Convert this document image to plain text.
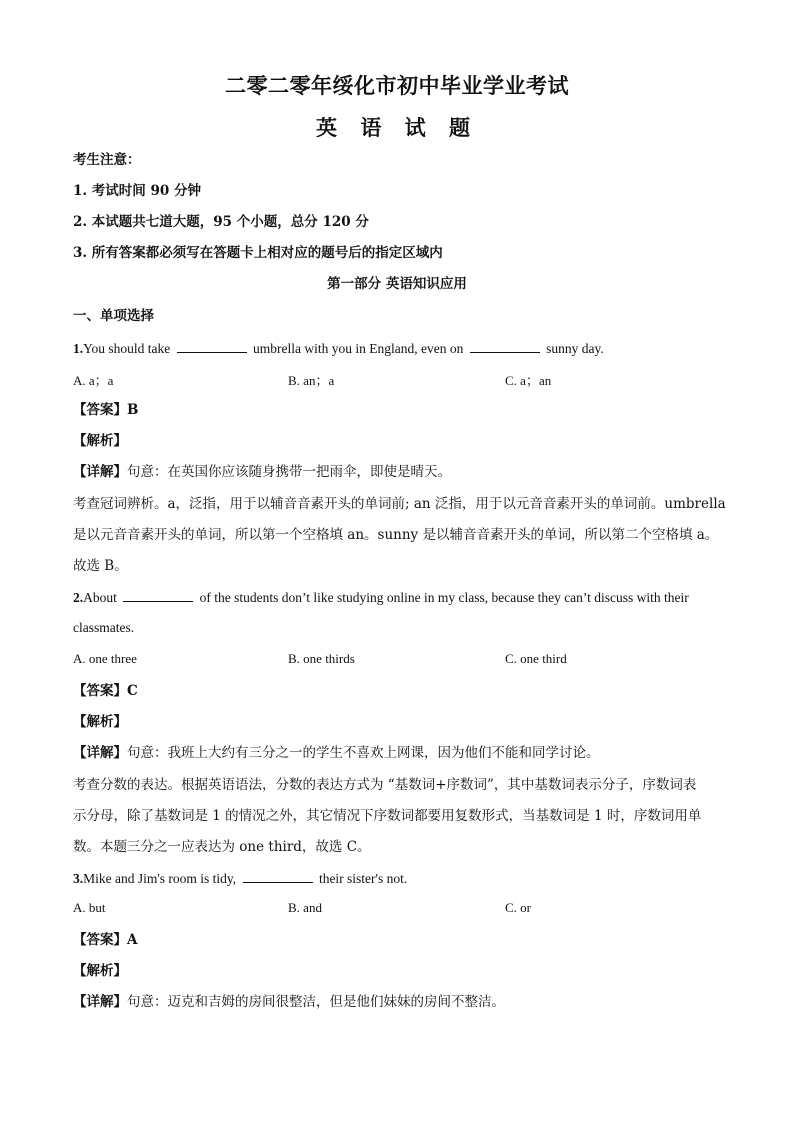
二零二零年绥化市初中毕业学业考试
英 语 试 题
考生注意：
1. 考试时间 90 分钟
2. 本试题共七道大题，95 个小题，总分 120 分
3. 所有答案都必须写在答题卡上相对应的题号后的指定区域内
第一部分 英语知识应用
一、单项选择
1.You should take	umbrella with you in England, even on	sunny day.
A. a；a	B. an；a	C. a；an
【答案】B
【解析】
【详解】句意：在英国你应该随身携带一把雨伞，即使是晴天。
考查冠词辨析。a，泛指，用于以辅音音素开头的单词前; an 泛指，用于以元音音素开头的单词前。umbrella
是以元音音素开头的单词，所以第一个空格填 an。sunny 是以辅音音素开头的单词，所以第二个空格填 a。
故选 B。
2.About	of the students don’t like studying online in my class, because they can’t discuss with their
classmates.
A. one three	B. one thirds	C. one third
【答案】C
【解析】
【详解】句意：我班上大约有三分之一的学生不喜欢上网课，因为他们不能和同学讨论。
考查分数的表达。根据英语语法，分数的表达方式为 “基数词+序数词”，其中基数词表示分子，序数词表
示分母，除了基数词是 1 的情况之外，其它情况下序数词都要用复数形式，当基数词是 1 时，序数词用单
数。本题三分之一应表达为 one third，故选 C。
3.Mike and Jim's room is tidy,	their sister's not.
A. but	B. and	C. or
【答案】A
【解析】
【详解】句意：迈克和吉姆的房间很整洁，但是他们妹妹的房间不整洁。
